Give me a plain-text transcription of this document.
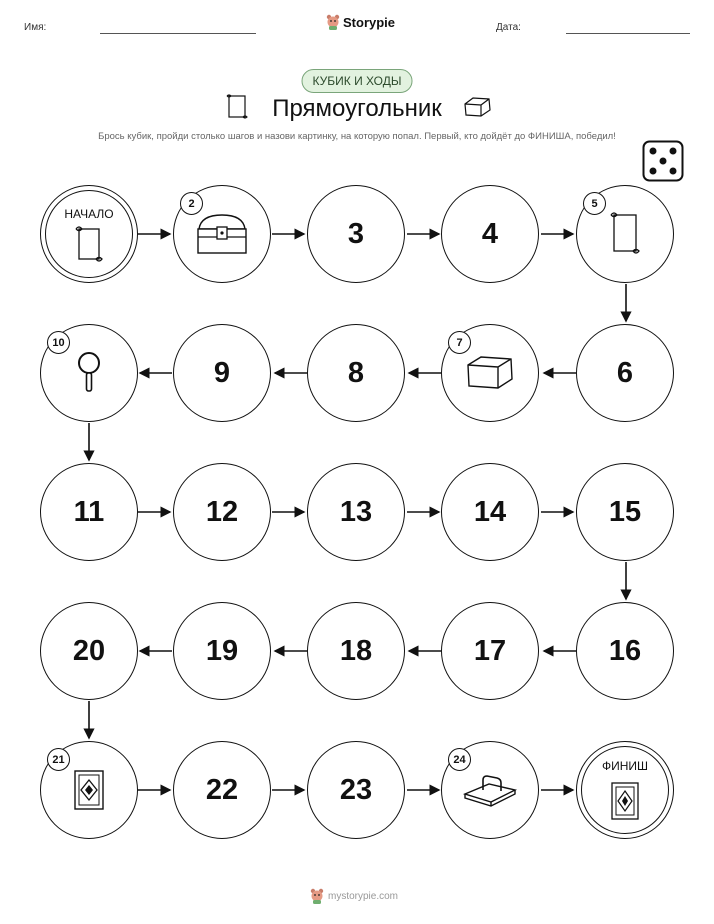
Имя:	Storypie	Дата:
КУБИК И ХОДЫ
Прямоугольник
Брось кубик, пройди столько шагов и назови картинку, на которую попал. Первый, кто дойдёт до ФИНИША, победил!
НАЧАЛО
2
3	4
5
10
9	8
7
6
11	12	13	14	15
20	19	18	17	16
21
22	23
24	ФИНИШ
mystorypie.com
